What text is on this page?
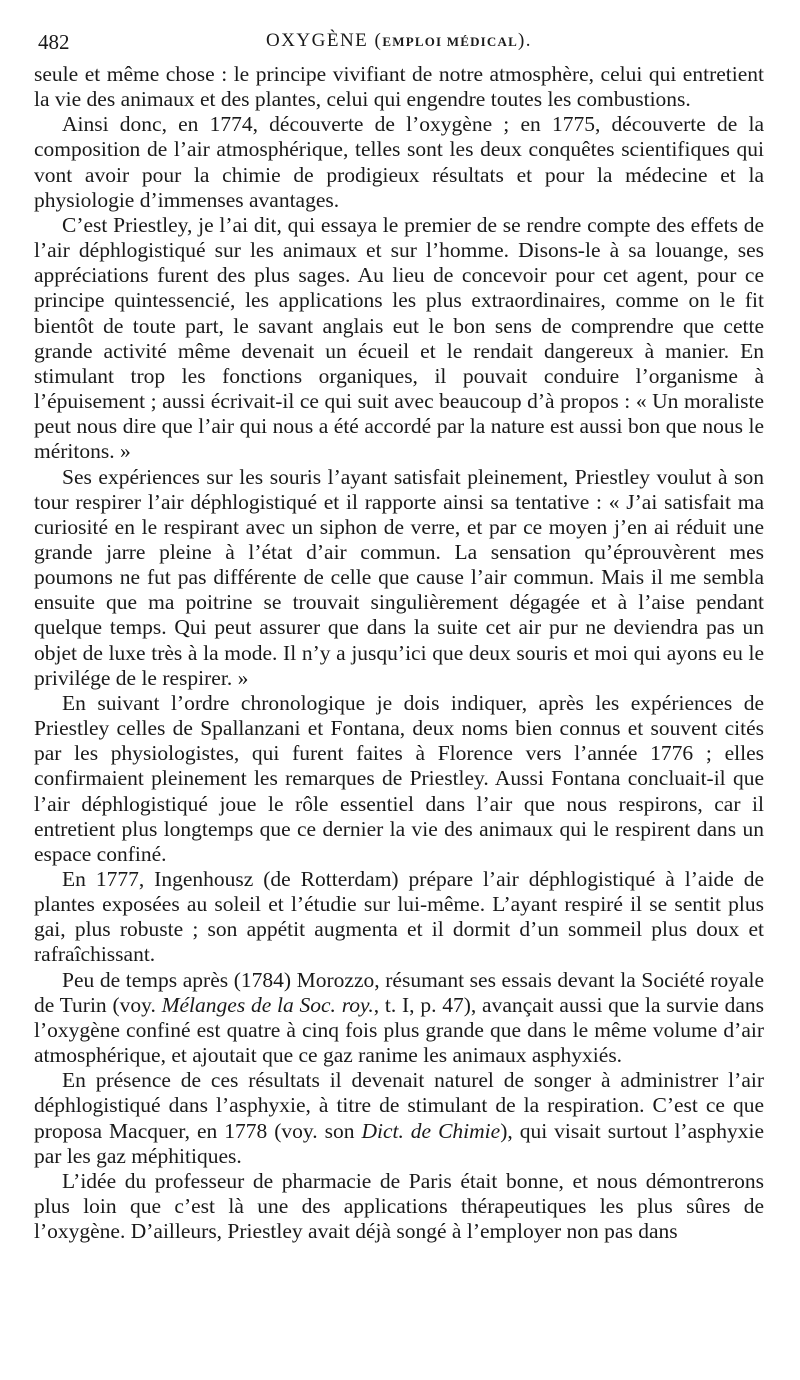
482	OXYGÈNE (EMPLOI MÉDICAL).

seule et même chose : le principe vivifiant de notre atmosphère, celui qui entretient la vie des animaux et des plantes, celui qui engendre toutes les combustions.

Ainsi donc, en 1774, découverte de l’oxygène ; en 1775, découverte de la composition de l’air atmosphérique, telles sont les deux conquêtes scientifiques qui vont avoir pour la chimie de prodigieux résultats et pour la médecine et la physiologie d’immenses avantages.

C’est Priestley, je l’ai dit, qui essaya le premier de se rendre compte des effets de l’air déphlogistiqué sur les animaux et sur l’homme. Disons-le à sa louange, ses appréciations furent des plus sages. Au lieu de concevoir pour cet agent, pour ce principe quintessencié, les applications les plus extraordinaires, comme on le fit bientôt de toute part, le savant anglais eut le bon sens de comprendre que cette grande activité même devenait un écueil et le rendait dangereux à manier. En stimulant trop les fonctions organiques, il pouvait conduire l’organisme à l’épuisement ; aussi écrivait-il ce qui suit avec beaucoup d’à propos : « Un moraliste peut nous dire que l’air qui nous a été accordé par la nature est aussi bon que nous le méritons. »

Ses expériences sur les souris l’ayant satisfait pleinement, Priestley voulut à son tour respirer l’air déphlogistiqué et il rapporte ainsi sa tentative : « J’ai satisfait ma curiosité en le respirant avec un siphon de verre, et par ce moyen j’en ai réduit une grande jarre pleine à l’état d’air commun. La sensation qu’éprouvèrent mes poumons ne fut pas différente de celle que cause l’air commun. Mais il me sembla ensuite que ma poitrine se trouvait singulièrement dégagée et à l’aise pendant quelque temps. Qui peut assurer que dans la suite cet air pur ne deviendra pas un objet de luxe très à la mode. Il n’y a jusqu’ici que deux souris et moi qui ayons eu le privilége de le respirer. »

En suivant l’ordre chronologique je dois indiquer, après les expériences de Priestley celles de Spallanzani et Fontana, deux noms bien connus et souvent cités par les physiologistes, qui furent faites à Florence vers l’année 1776 ; elles confirmaient pleinement les remarques de Priestley. Aussi Fontana concluait-il que l’air déphlogistiqué joue le rôle essentiel dans l’air que nous respirons, car il entretient plus longtemps que ce dernier la vie des animaux qui le respirent dans un espace confiné.

En 1777, Ingenhousz (de Rotterdam) prépare l’air déphlogistiqué à l’aide de plantes exposées au soleil et l’étudie sur lui-même. L’ayant respiré il se sentit plus gai, plus robuste ; son appétit augmenta et il dormit d’un sommeil plus doux et rafraîchissant.

Peu de temps après (1784) Morozzo, résumant ses essais devant la Société royale de Turin (voy. Mélanges de la Soc. roy., t. I, p. 47), avançait aussi que la survie dans l’oxygène confiné est quatre à cinq fois plus grande que dans le même volume d’air atmosphérique, et ajoutait que ce gaz ranime les animaux asphyxiés.

En présence de ces résultats il devenait naturel de songer à administrer l’air déphlogistiqué dans l’asphyxie, à titre de stimulant de la respiration. C’est ce que proposa Macquer, en 1778 (voy. son Dict. de Chimie), qui visait surtout l’asphyxie par les gaz méphitiques.

L’idée du professeur de pharmacie de Paris était bonne, et nous démontrerons plus loin que c’est là une des applications thérapeutiques les plus sûres de l’oxygène. D’ailleurs, Priestley avait déjà songé à l’employer non pas dans
